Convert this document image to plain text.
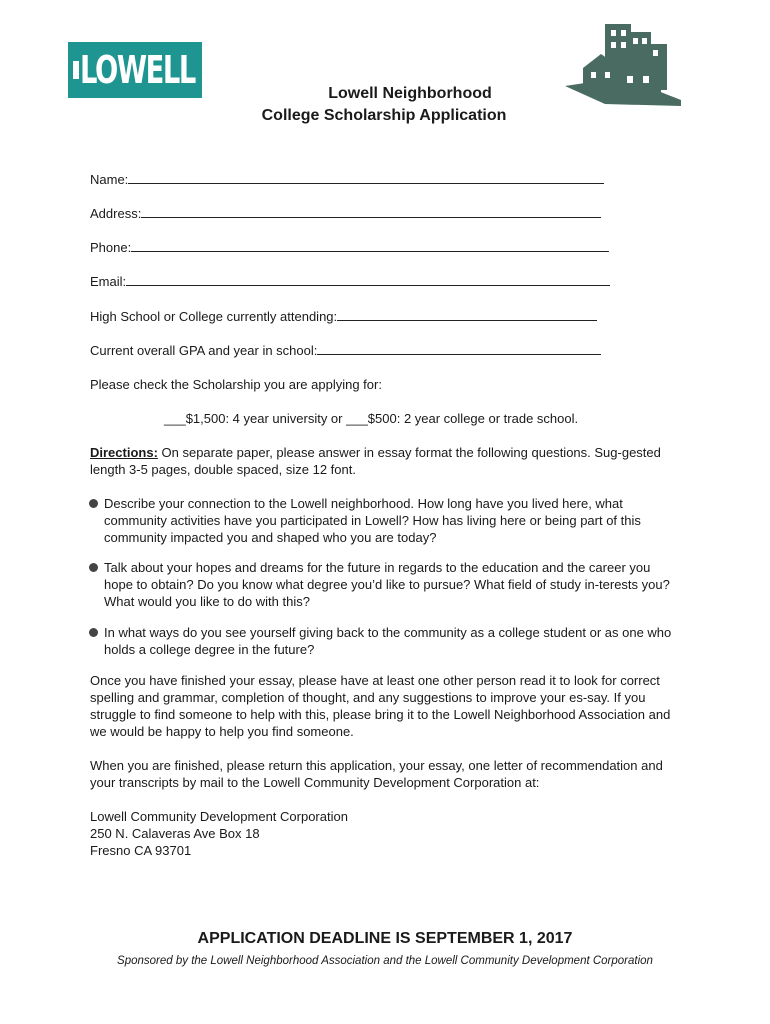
LOWELL
Lowell Neighborhood
College Scholarship Application
Name:
Address:
Phone:
Email:
High School or College currently attending:
Current overall GPA and year in school:
Please check the Scholarship you are applying for:
___$1,500: 4 year university or ___$500: 2 year college or trade school.
Directions: On separate paper, please answer in essay format the following questions. Sug-gested length 3-5 pages, double spaced, size 12 font.
Describe your connection to the Lowell neighborhood. How long have you lived here, what community activities have you participated in Lowell? How has living here or being part of this community impacted you and shaped who you are today?
Talk about your hopes and dreams for the future in regards to the education and the career you hope to obtain? Do you know what degree you’d like to pursue? What field of study in-terests you? What would you like to do with this?
In what ways do you see yourself giving back to the community as a college student or as one who holds a college degree in the future?
Once you have finished your essay, please have at least one other person read it to look for correct spelling and grammar, completion of thought, and any suggestions to improve your es-say. If you struggle to find someone to help with this, please bring it to the Lowell Neighborhood Association and we would be happy to help you find someone.
When you are finished, please return this application, your essay, one letter of recommendation and your transcripts by mail to the Lowell Community Development Corporation at:
Lowell Community Development Corporation
250 N. Calaveras Ave Box 18
Fresno CA 93701
APPLICATION DEADLINE IS SEPTEMBER 1, 2017
Sponsored by the Lowell Neighborhood Association and the Lowell Community Development Corporation
